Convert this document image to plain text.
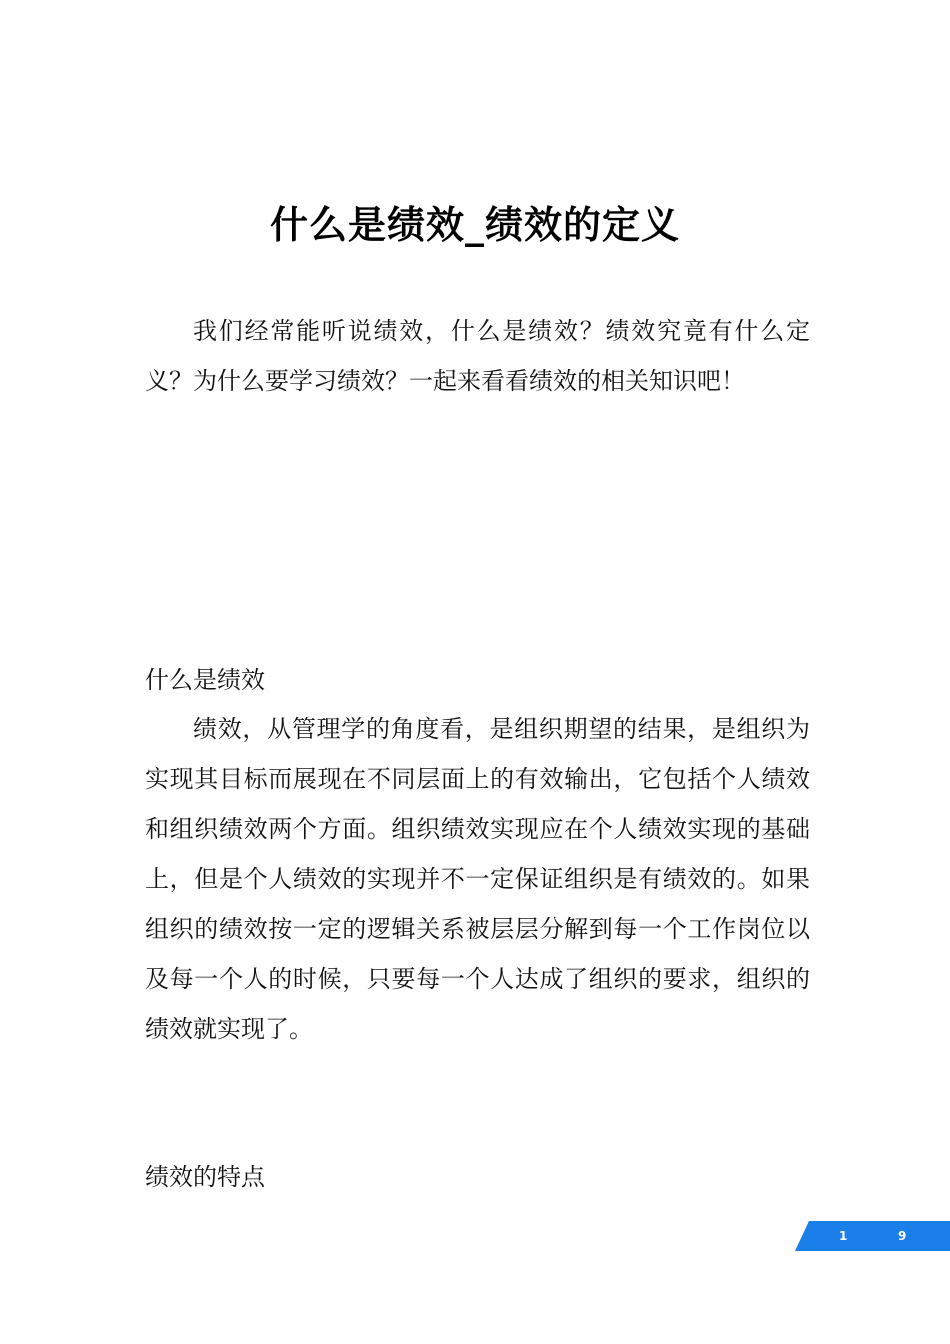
什么是绩效_绩效的定义

我们经常能听说绩效，什么是绩效？绩效究竟有什么定义？为什么要学习绩效？一起来看看绩效的相关知识吧！

什么是绩效

绩效，从管理学的角度看，是组织期望的结果，是组织为实现其目标而展现在不同层面上的有效输出，它包括个人绩效和组织绩效两个方面。组织绩效实现应在个人绩效实现的基础上，但是个人绩效的实现并不一定保证组织是有绩效的。如果组织的绩效按一定的逻辑关系被层层分解到每一个工作岗位以及每一个人的时候，只要每一个人达成了组织的要求，组织的绩效就实现了。

绩效的特点

1	9
